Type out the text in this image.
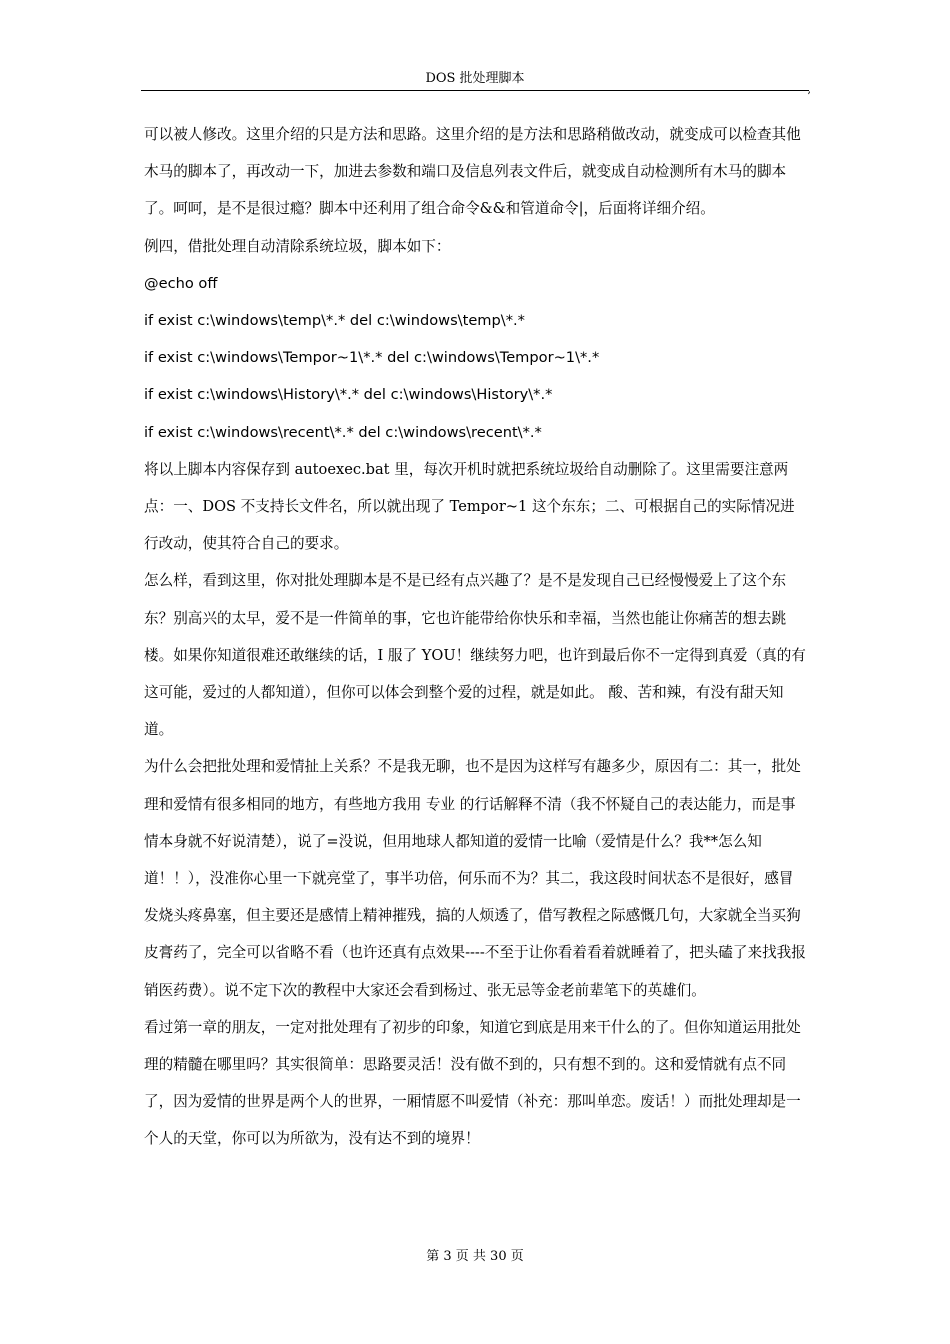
DOS 批处理脚本
,

可以被人修改。这里介绍的只是方法和思路。这里介绍的是方法和思路稍做改动，就变成可以检查其他木马的脚本了，再改动一下，加进去参数和端口及信息列表文件后，就变成自动检测所有木马的脚本了。呵呵，是不是很过瘾？脚本中还利用了组合命令&&和管道命令|，后面将详细介绍。

例四，借批处理自动清除系统垃圾，脚本如下：

@echo off

if exist c:\windows\temp\*.* del c:\windows\temp\*.*

if exist c:\windows\Tempor~1\*.* del c:\windows\Tempor~1\*.*

if exist c:\windows\History\*.* del c:\windows\History\*.*

if exist c:\windows\recent\*.* del c:\windows\recent\*.*

将以上脚本内容保存到 autoexec.bat 里，每次开机时就把系统垃圾给自动删除了。这里需要注意两点：一、DOS 不支持长文件名，所以就出现了 Tempor~1 这个东东；二、可根据自己的实际情况进行改动，使其符合自己的要求。

怎么样，看到这里，你对批处理脚本是不是已经有点兴趣了？是不是发现自己已经慢慢爱上了这个东东？别高兴的太早，爱不是一件简单的事，它也许能带给你快乐和幸福，当然也能让你痛苦的想去跳楼。如果你知道很难还敢继续的话，I 服了 YOU！继续努力吧，也许到最后你不一定得到真爱（真的有这可能，爱过的人都知道），但你可以体会到整个爱的过程，就是如此。 酸、苦和辣，有没有甜天知道。

为什么会把批处理和爱情扯上关系？不是我无聊，也不是因为这样写有趣多少，原因有二：其一，批处理和爱情有很多相同的地方，有些地方我用 专业 的行话解释不清（我不怀疑自己的表达能力，而是事情本身就不好说清楚），说了=没说，但用地球人都知道的爱情一比喻（爱情是什么？我**怎么知道！！），没准你心里一下就亮堂了，事半功倍，何乐而不为？其二，我这段时间状态不是很好，感冒发烧头疼鼻塞，但主要还是感情上精神摧残，搞的人烦透了，借写教程之际感慨几句，大家就全当买狗皮膏药了，完全可以省略不看（也许还真有点效果----不至于让你看着看着就睡着了，把头磕了来找我报销医药费）。说不定下次的教程中大家还会看到杨过、张无忌等金老前辈笔下的英雄们。

看过第一章的朋友，一定对批处理有了初步的印象，知道它到底是用来干什么的了。但你知道运用批处理的精髓在哪里吗？其实很简单：思路要灵活！没有做不到的，只有想不到的。这和爱情就有点不同了，因为爱情的世界是两个人的世界，一厢情愿不叫爱情（补充：那叫单恋。废话！）而批处理却是一个人的天堂，你可以为所欲为，没有达不到的境界！

第 3 页 共 30 页
